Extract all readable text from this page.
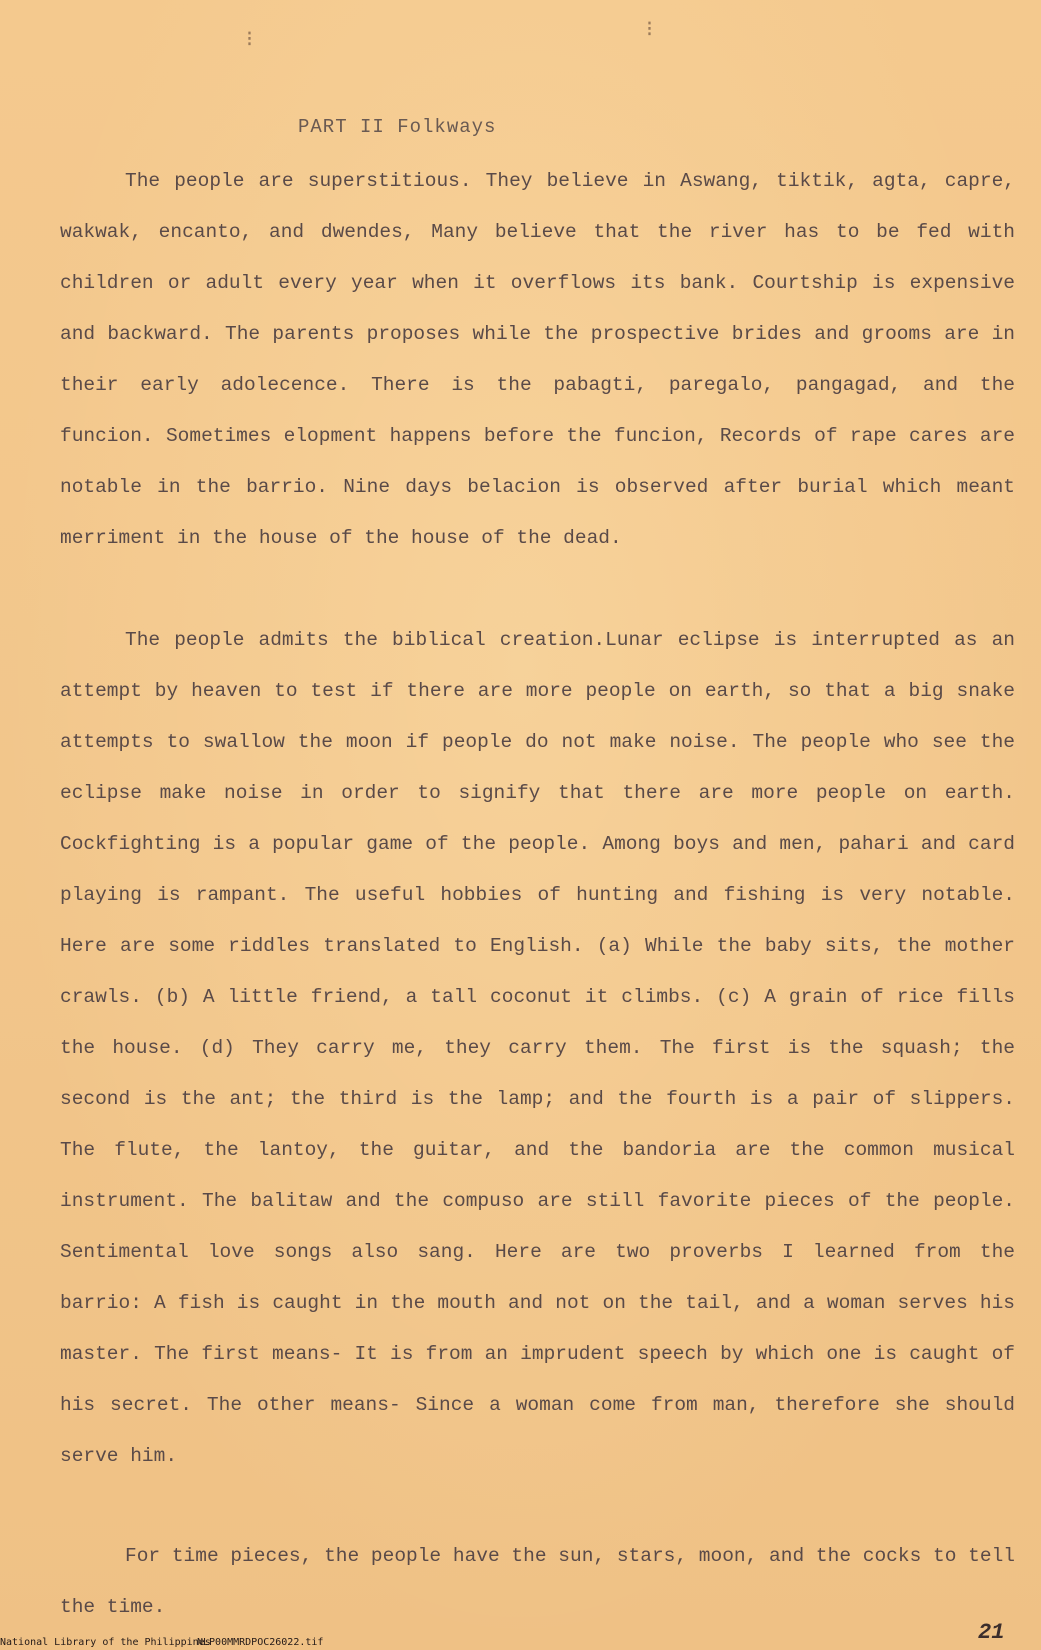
⁝	⁝
PART II Folkways

The people are superstitious. They believe in Aswang, tiktik, agta, capre, wakwak, encanto, and dwendes, Many believe that the river has to be fed with children or adult every year when it overflows its bank. Courtship is expensive and backward. The parents proposes while the prospective brides and grooms are in their early adolecence. There is the pabagti, paregalo, pangagad, and the funcion. Sometimes elopment happens before the funcion, Records of rape cares are notable in the barrio. Nine days belacion is observed after burial which meant merriment in the house of the house of the dead.

The people admits the biblical creation.Lunar eclipse is interrupted as an attempt by heaven to test if there are more people on earth, so that a big snake attempts to swallow the moon if people do not make noise. The people who see the eclipse make noise in order to signify that there are more people on earth. Cockfighting is a popular game of the people. Among boys and men, pahari and card playing is rampant. The useful hobbies of hunting and fishing is very notable. Here are some riddles translated to English. (a) While the baby sits, the mother crawls. (b) A little friend, a tall coconut it climbs. (c) A grain of rice fills the house. (d) They carry me, they carry them. The first is the squash; the second is the ant; the third is the lamp; and the fourth is a pair of slippers. The flute, the lantoy, the guitar, and the bandoria are the common musical instrument. The balitaw and the compuso are still favorite pieces of the people. Sentimental love songs also sang. Here are two proverbs I learned from the barrio: A fish is caught in the mouth and not on the tail, and a woman serves his master. The first means- It is from an imprudent speech by which one is caught of his secret. The other means- Since a woman come from man, therefore she should serve him.

For time pieces, the people have the sun, stars, moon, and the cocks to tell the time.

21
National Library of the Philippines
NLP00MMRDPOC26022.tif
